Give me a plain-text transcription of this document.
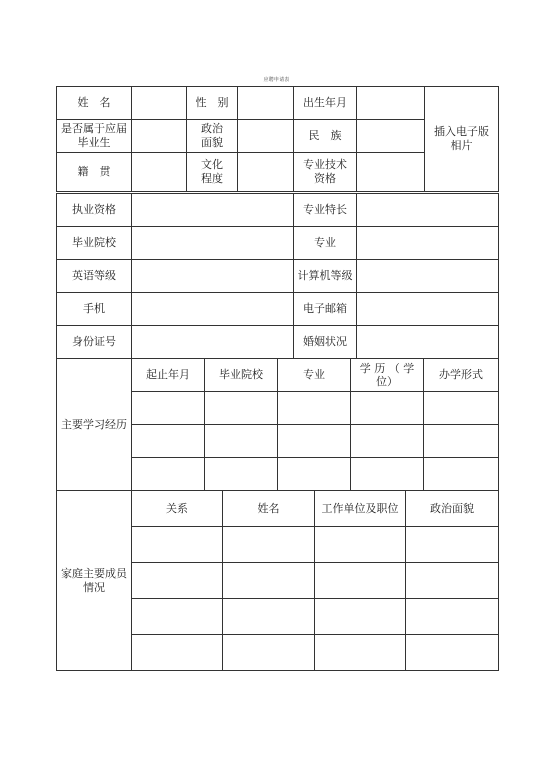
应聘申请表
姓　名		性　别		出生年月		插入电子版相片
是否属于应届毕业生		政治面貌		民　族		
籍　贯		文化程度		专业技术资格		
执业资格		专业特长	
毕业院校		专业	
英语等级		计算机等级	
手机		电子邮箱	
身份证号		婚姻状况	
主要学习经历	起止年月	毕业院校	专业	学 历 （ 学位）	办学形式

家庭主要成员情况	关系	姓名	工作单位及职位	政治面貌
